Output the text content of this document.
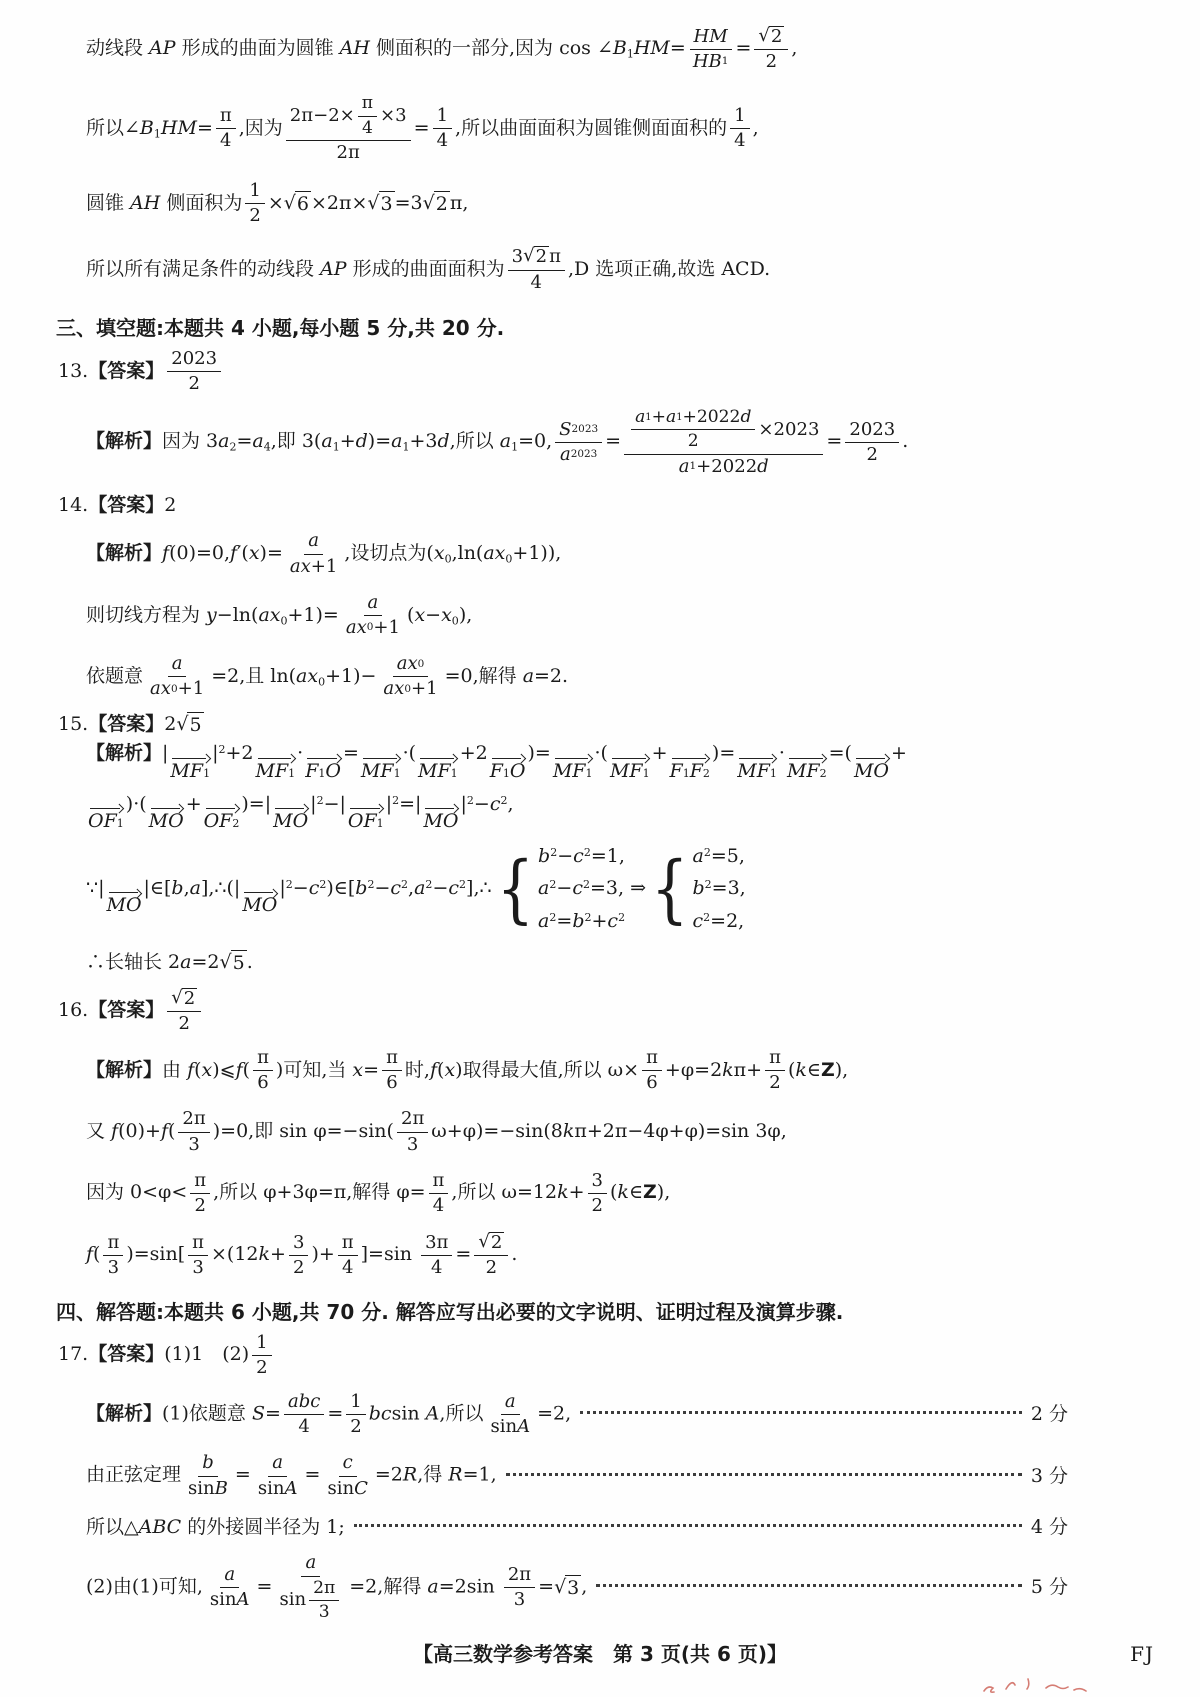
动线段 AP 形成的曲面为圆锥 AH 侧面积的一部分,因为 cos ∠B1HM= $\frac{HM}{HB 1} = \frac{√ 2}{2}$ ,
所以∠B1HM= $\frac{\pi}{4}$ ,因为 $\frac{2\pi-2\times \frac{\pi}{4} \times 3}{2\pi} = \frac{1}{4}$ ,所以曲面面积为圆锥侧面面积的 $\frac{1}{4}$ ,
圆锥 AH 侧面积为 $\frac{1}{2}$ × √ 6 ×2π× √ 3 =3 √ 2 π,
所以所有满足条件的动线段 AP 形成的曲面面积为 $\frac{3 √ 2 \pi}{4} ,D$ 选项正确,故选 ACD.
三、填空题:本题共 4 小题,每小题 5 分,共 20 分.
13.【答案】 $\frac{2023}{2}$
【解析】因为 3a2=a4,即 3(a1+d)=a1+3d,所以 a1=0, $\frac{S 2023}{a 2023} = \frac{\frac{a 1 + a 1 +2022 d}{2} \times 2023}{a 1 +2022 d} = \frac{2023}{2}$ .
14.【答案】2
【解析】$f(0)=0,f'(x)= \frac{a}{ax +1}$ ,设切点为(x0,ln(ax0+1)),
则切线方程为 $y-\ln(ax0+1)= \frac{a}{ax 0 +1} (x-x0)$,
依题意 $\frac{a}{ax 0 +1} =2$,且 $\ln(ax0+1)- \frac{ax 0}{ax 0 +1} =0$,解得 a=2.
15.【答案】2 √ 5
【解析】|
MF 1
$|^2+2$
MF 1
·
F 1 O
=
MF 1
·(
MF 1
+2
F 1 O
)=
MF 1
·(
MF 1
+
F 1 F 2
)=
MF 1
·
MF 2
=(
MO
+
OF 1
)·(
MO
+
OF 2
)=|
MO
$|^2-|$
OF 1
$|^2=|$
MO
$|^2-c^2$,
∵|
MO
|∈[b,a],∴(|
MO
$|^2-c^2)\in[b^2-c^2,a^2-c^2],\therefore$ { $b^2-c^2=1$,
$a^2-c^2=3$,
$a^2=b^2+c^2$
⇒ { $a^2=5$,
$b^2=3$,
$c^2=2$,
∴长轴长 2a=2 √ 5 .
16.【答案】 $\frac{√ 2}{2}$
【解析】由 f(x)⩽f( $\frac{\pi}{6}$ )可知,当 $x= \frac{\pi}{6}$ 时,f(x)取得最大值,所以 $\omega\times \frac{\pi}{6} +\varphi=2k\pi+ \frac{\pi}{2}$ (k∈Z),
又 $f(0)+f( \frac{2\pi}{3} )=0$,即 $\sin \varphi=-\sin( \frac{2\pi}{3} \omega+\varphi)=-\sin(8k\pi+2\pi-4\varphi+\varphi)=\sin$ 3φ,
因为 $0<\varphi< \frac{\pi}{2}$ ,所以 φ+3φ=π,解得 $\varphi= \frac{\pi}{4}$ ,所以 $\omega=12k+ \frac{3}{2}$ (k∈Z),
$f( \frac{\pi}{3} )=\sin[ \frac{\pi}{3} \times(12k+ \frac{3}{2}$ )+ $\frac{\pi}{4} ]=\sin \frac{3\pi}{4} = \frac{√ 2}{2}$ .
四、解答题:本题共 6 小题,共 70 分. 解答应写出必要的文字说明、证明过程及演算步骤.
17.【答案】(1)1　$(2) \frac{1}{2}$
【解析】(1)依题意 S=
abc
4
= $\frac{1}{2}$ bcsin A,所以 $\frac{a}{\text{sin A}} =2$,	2 分
由正弦定理 $\frac{b}{\text{sin B}} = \frac{a}{\text{sin A}} = \frac{c}{\text{sin C}} =2R$,得 R=1,	3 分
所以△ABC 的外接圆半径为 1;	4 分
(2)由(1)可知, $\frac{a}{\text{sin A}} = a$
sin
2π
3 =2,解得 $a=2\sin \frac{2\pi}{3}$ = √ 3 ,	5 分
【高三数学参考答案　第 3 页(共 6 页)】	FJ
